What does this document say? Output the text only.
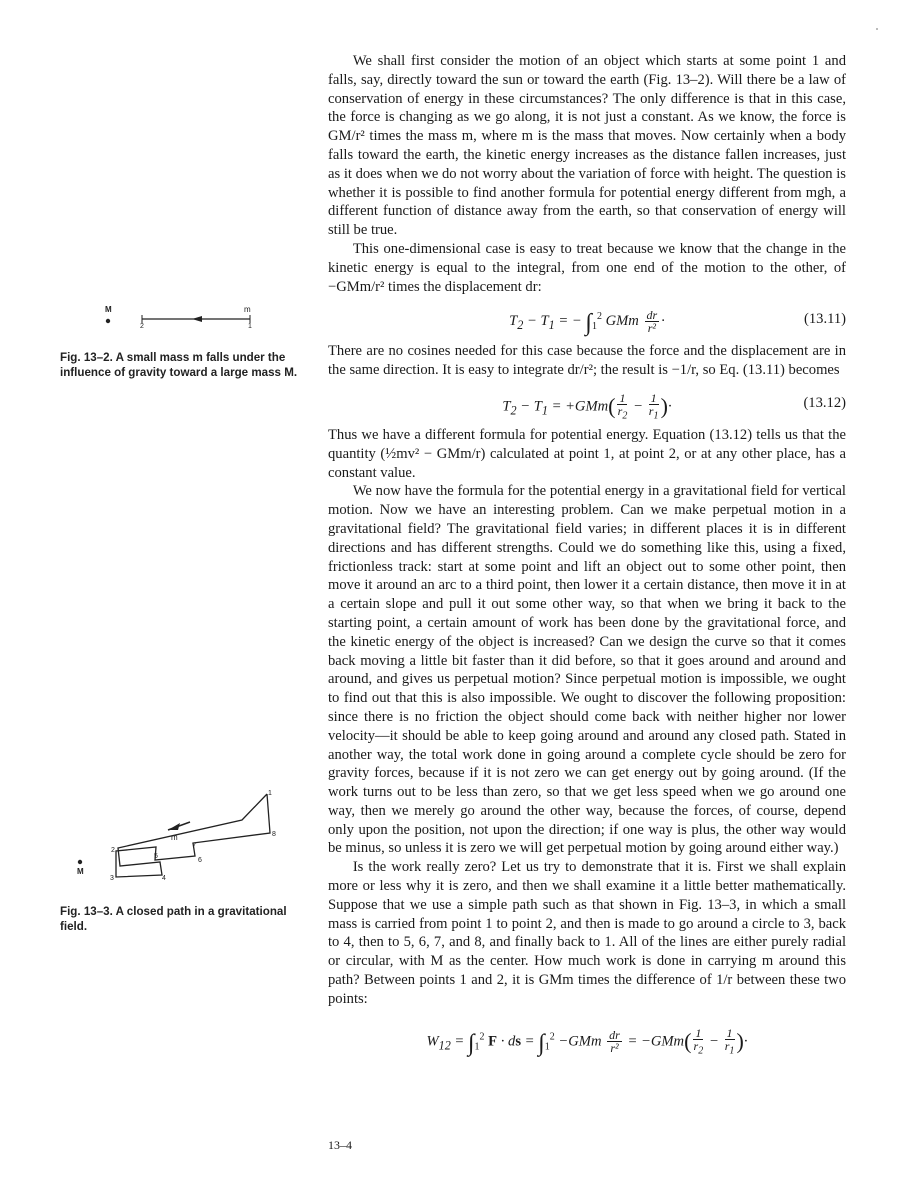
M	m
2	1
Fig. 13–2. A small mass m falls under the influence of gravity toward a large mass M.
M
m
1
2
3	4
5
6
7
8
Fig. 13–3. A closed path in a gravitational field.

We shall first consider the motion of an object which starts at some point 1 and falls, say, directly toward the sun or toward the earth (Fig. 13–2). Will there be a law of conservation of energy in these circumstances? The only difference is that in this case, the force is changing as we go along, it is not just a constant. As we know, the force is GM/r² times the mass m, where m is the mass that moves. Now certainly when a body falls toward the earth, the kinetic energy increases as the distance fallen increases, just as it does when we do not worry about the variation of force with height. The question is whether it is possible to find another formula for potential energy different from mgh, a different function of distance away from the earth, so that conservation of energy will still be true.

This one-dimensional case is easy to treat because we know that the change in the kinetic energy is equal to the integral, from one end of the motion to the other, of −GMm/r² times the displacement dr:

$T_2 - T_1$ = − $\int_1^2$ GMm $\frac{dr}{\text{r²}}$ ·	(13.11)

There are no cosines needed for this case because the force and the displacement are in the same direction. It is easy to integrate dr/r²; the result is −1/r, so Eq. (13.11) becomes

$T_2 - T_1 = +GMm( \frac{1}{r_2} - \frac{1}{r_1}$ )·	(13.12)

Thus we have a different formula for potential energy. Equation (13.12) tells us that the quantity (½mv² − GMm/r) calculated at point 1, at point 2, or at any other place, has a constant value.

We now have the formula for the potential energy in a gravitational field for vertical motion. Now we have an interesting problem. Can we make perpetual motion in a gravitational field? The gravitational field varies; in different places it is in different directions and has different strengths. Could we do something like this, using a fixed, frictionless track: start at some point and lift an object out to some other point, then move it around an arc to a third point, then lower it a certain distance, then move it in at a certain slope and pull it out some other way, so that when we bring it back to the starting point, a certain amount of work has been done by the gravitational force, and the kinetic energy of the object is increased? Can we design the curve so that it comes back moving a little bit faster than it did before, so that it goes around and around and around, and gives us perpetual motion? Since perpetual motion is impossible, we ought to find out that this is also impossible. We ought to discover the following proposition: since there is no friction the object should come back with neither higher nor lower velocity—it should be able to keep going around and around any closed path. Stated in another way, the total work done in going around a complete cycle should be zero for gravity forces, because if it is not zero we can get energy out by going around. (If the work turns out to be less than zero, so that we get less speed when we go around one way, then we merely go around the other way, because the forces, of course, depend only upon the position, not upon the direction; if one way is plus, the other way would be minus, so unless it is zero we will get perpetual motion by going around either way.)

Is the work really zero? Let us try to demonstrate that it is. First we shall explain more or less why it is zero, and then we shall examine it a little better mathematically. Suppose that we use a simple path such as that shown in Fig. 13–3, in which a small mass is carried from point 1 to point 2, and then is made to go around a circle to 3, back to 4, then to 5, 6, 7, and 8, and finally back to 1. All of the lines are either purely radial or circular, with M as the center. How much work is done in carrying m around this path? Between points 1 and 2, it is GMm times the difference of 1/r between these two points:

$W_{12} = \int_1^2$ F · ds = $\int_1^2 -GMm \frac{dr}{\text{r²}} = -GMm( \frac{1}{r_2} - \frac{1}{r_1}$ )·
13–4
